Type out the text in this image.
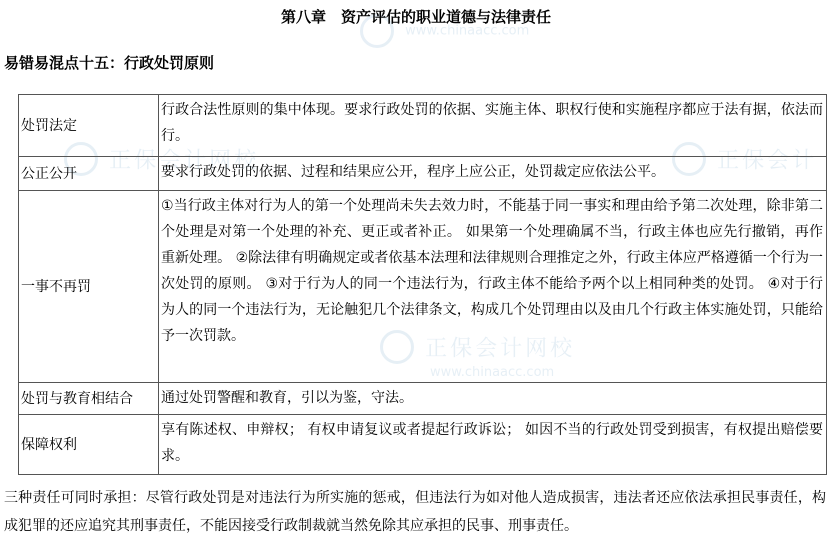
www.chinaacc.com
正保会计网校	正保会计
正保会计网校
www.chinaacc.com
第八章　资产评估的职业道德与法律责任
易错易混点十五：行政处罚原则
处罚法定	行政合法性原则的集中体现。要求行政处罚的依据、实施主体、职权行使和实施程序都应于法有据，依法而行。
公正公开	要求行政处罚的依据、过程和结果应公开，程序上应公正，处罚裁定应依法公平。
一事不再罚	①当行政主体对行为人的第一个处理尚未失去效力时，不能基于同一事实和理由给予第二次处理，除非第二个处理是对第一个处理的补充、更正或者补正。 如果第一个处理确属不当，行政主体也应先行撤销，再作重新处理。 ②除法律有明确规定或者依基本法理和法律规则合理推定之外，行政主体应严格遵循一个行为一次处罚的原则。 ③对于行为人的同一个违法行为，行政主体不能给予两个以上相同种类的处罚。 ④对于行为人的同一个违法行为，无论触犯几个法律条文，构成几个处罚理由以及由几个行政主体实施处罚，只能给予一次罚款。
处罚与教育相结合	通过处罚警醒和教育，引以为鉴，守法。
保障权利	享有陈述权、申辩权； 有权申请复议或者提起行政诉讼； 如因不当的行政处罚受到损害，有权提出赔偿要求。
三种责任可同时承担：尽管行政处罚是对违法行为所实施的惩戒，但违法行为如对他人造成损害，违法者还应依法承担民事责任，构成犯罪的还应追究其刑事责任，不能因接受行政制裁就当然免除其应承担的民事、刑事责任。
